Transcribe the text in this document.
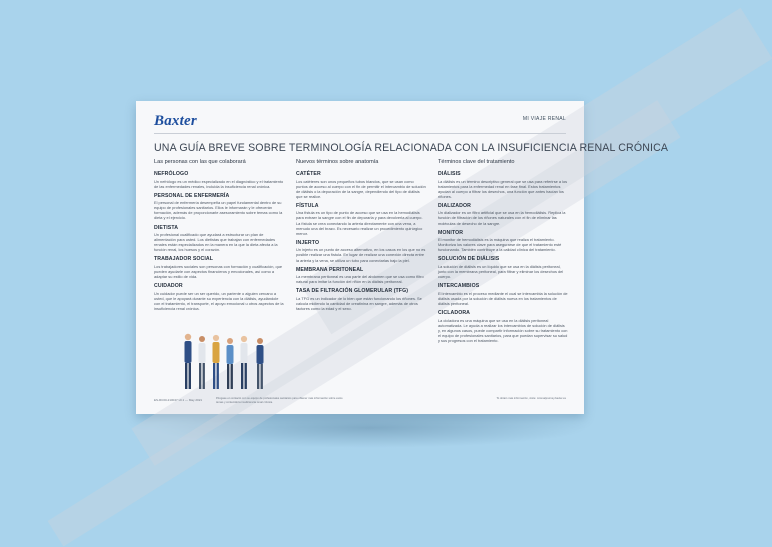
Baxter	MI VIAJE RENAL
UNA GUÍA BREVE SOBRE TERMINOLOGÍA RELACIONADA CON LA INSUFICIENCIA RENAL CRÓNICA
Las personas con las que colaborará
NEFRÓLOGO
Un nefrólogo es un médico especializado en el diagnóstico y el tratamiento de las enfermedades renales, incluida la insuficiencia renal crónica.
PERSONAL DE ENFERMERÍA
El personal de enfermería desempeña un papel fundamental dentro de su equipo de profesionales sanitarios. Ellos le informarán y le ofrecerán formación, además de proporcionarle asesoramiento sobre temas como la dieta y el ejercicio.
DIETISTA
Un profesional cualificado que ayudará a estructurar un plan de alimentación para usted. Los dietistas que trabajan con enfermedades renales están especializados en la manera en la que la dieta afecta a la función renal, los huesos y el corazón.
TRABAJADOR SOCIAL
Los trabajadores sociales son personas con formación y cualificación, que pueden ayudarle con aspectos financieros y emocionales, así como a adaptar su estilo de vida.
CUIDADOR
Un cuidador puede ser un ser querido, un pariente o alguien cercano a usted, que le apoyará durante su experiencia con la diálisis, ayudándole con el tratamiento, el transporte, el apoyo emocional u otros aspectos de la insuficiencia renal crónica.
Nuevos términos sobre anatomía
CATÉTER
Los catéteres son unos pequeños tubos blandos, que se usan como puntos de acceso al cuerpo con el fin de permitir el intercambio de solución de diálisis o la depuración de la sangre, dependiendo del tipo de diálisis que se realice.
FÍSTULA
Una fístula es un tipo de punto de acceso que se usa en la hemodiálisis para extraer la sangre con el fin de depurarla y para devolverla al cuerpo. La fístula se crea conectando la arteria directamente con una vena, a menudo una del brazo. Es necesario realizar un procedimiento quirúrgico menor.
INJERTO
Un injerto es un punto de acceso alternativo, en los casos en los que no es posible realizar una fístula. En lugar de realizar una conexión directa entre la arteria y la vena, se utiliza un tubo para conectarlas bajo la piel.
MEMBRANA PERITONEAL
La membrana peritoneal es una parte del abdomen que se usa como filtro natural para imitar la función del riñón en la diálisis peritoneal.
TASA DE FILTRACIÓN GLOMERULAR (TFG)
La TFG es un indicador de lo bien que están funcionando los riñones. Se calcula midiendo la cantidad de creatinina en sangre, además de otros factores como la edad y el sexo.
Términos clave del tratamiento
DIÁLISIS
La diálisis es un término descriptivo general que se usa para referirse a los tratamientos para la enfermedad renal en fase final. Estos tratamientos ayudan al cuerpo a filtrar los desechos, una función que antes hacían los riñones.
DIALIZADOR
Un dializador es un filtro artificial que se usa en la hemodiálisis. Replica la función de filtración de los riñones naturales con el fin de eliminar las moléculas de desecho de la sangre.
MONITOR
El monitor de hemodiálisis es la máquina que realiza el tratamiento. Monitoriza los valores clave para asegurarse de que el tratamiento esté funcionando. También contribuye a la calidad clínica del tratamiento.
SOLUCIÓN DE DIÁLISIS
La solución de diálisis es un líquido que se usa en la diálisis peritoneal, junto con la membrana peritoneal, para filtrar y eliminar los desechos del cuerpo.
INTERCAMBIOS
El intercambio es el proceso mediante el cual se intercambia la solución de diálisis usada por la solución de diálisis nueva en los tratamientos de diálisis peritoneal.
CICLADORA
La cicladora es una máquina que se usa en la diálisis peritoneal automatizada. Le ayuda a realizar los intercambios de solución de diálisis y, en algunos casos, puede compartir información sobre su tratamiento con el equipo de profesionales sanitarios, para que puedan supervisar su salud y sus progresos con el tratamiento.
ES-RC00-210047 v0.1 — May 2021	Póngase en contacto con su equipo de profesionales sanitarios para obtener más información sobre estos temas y contenido la insuficiencia renal crónica.
To obtain más información, visite: mirenaljourney.baxter.es
